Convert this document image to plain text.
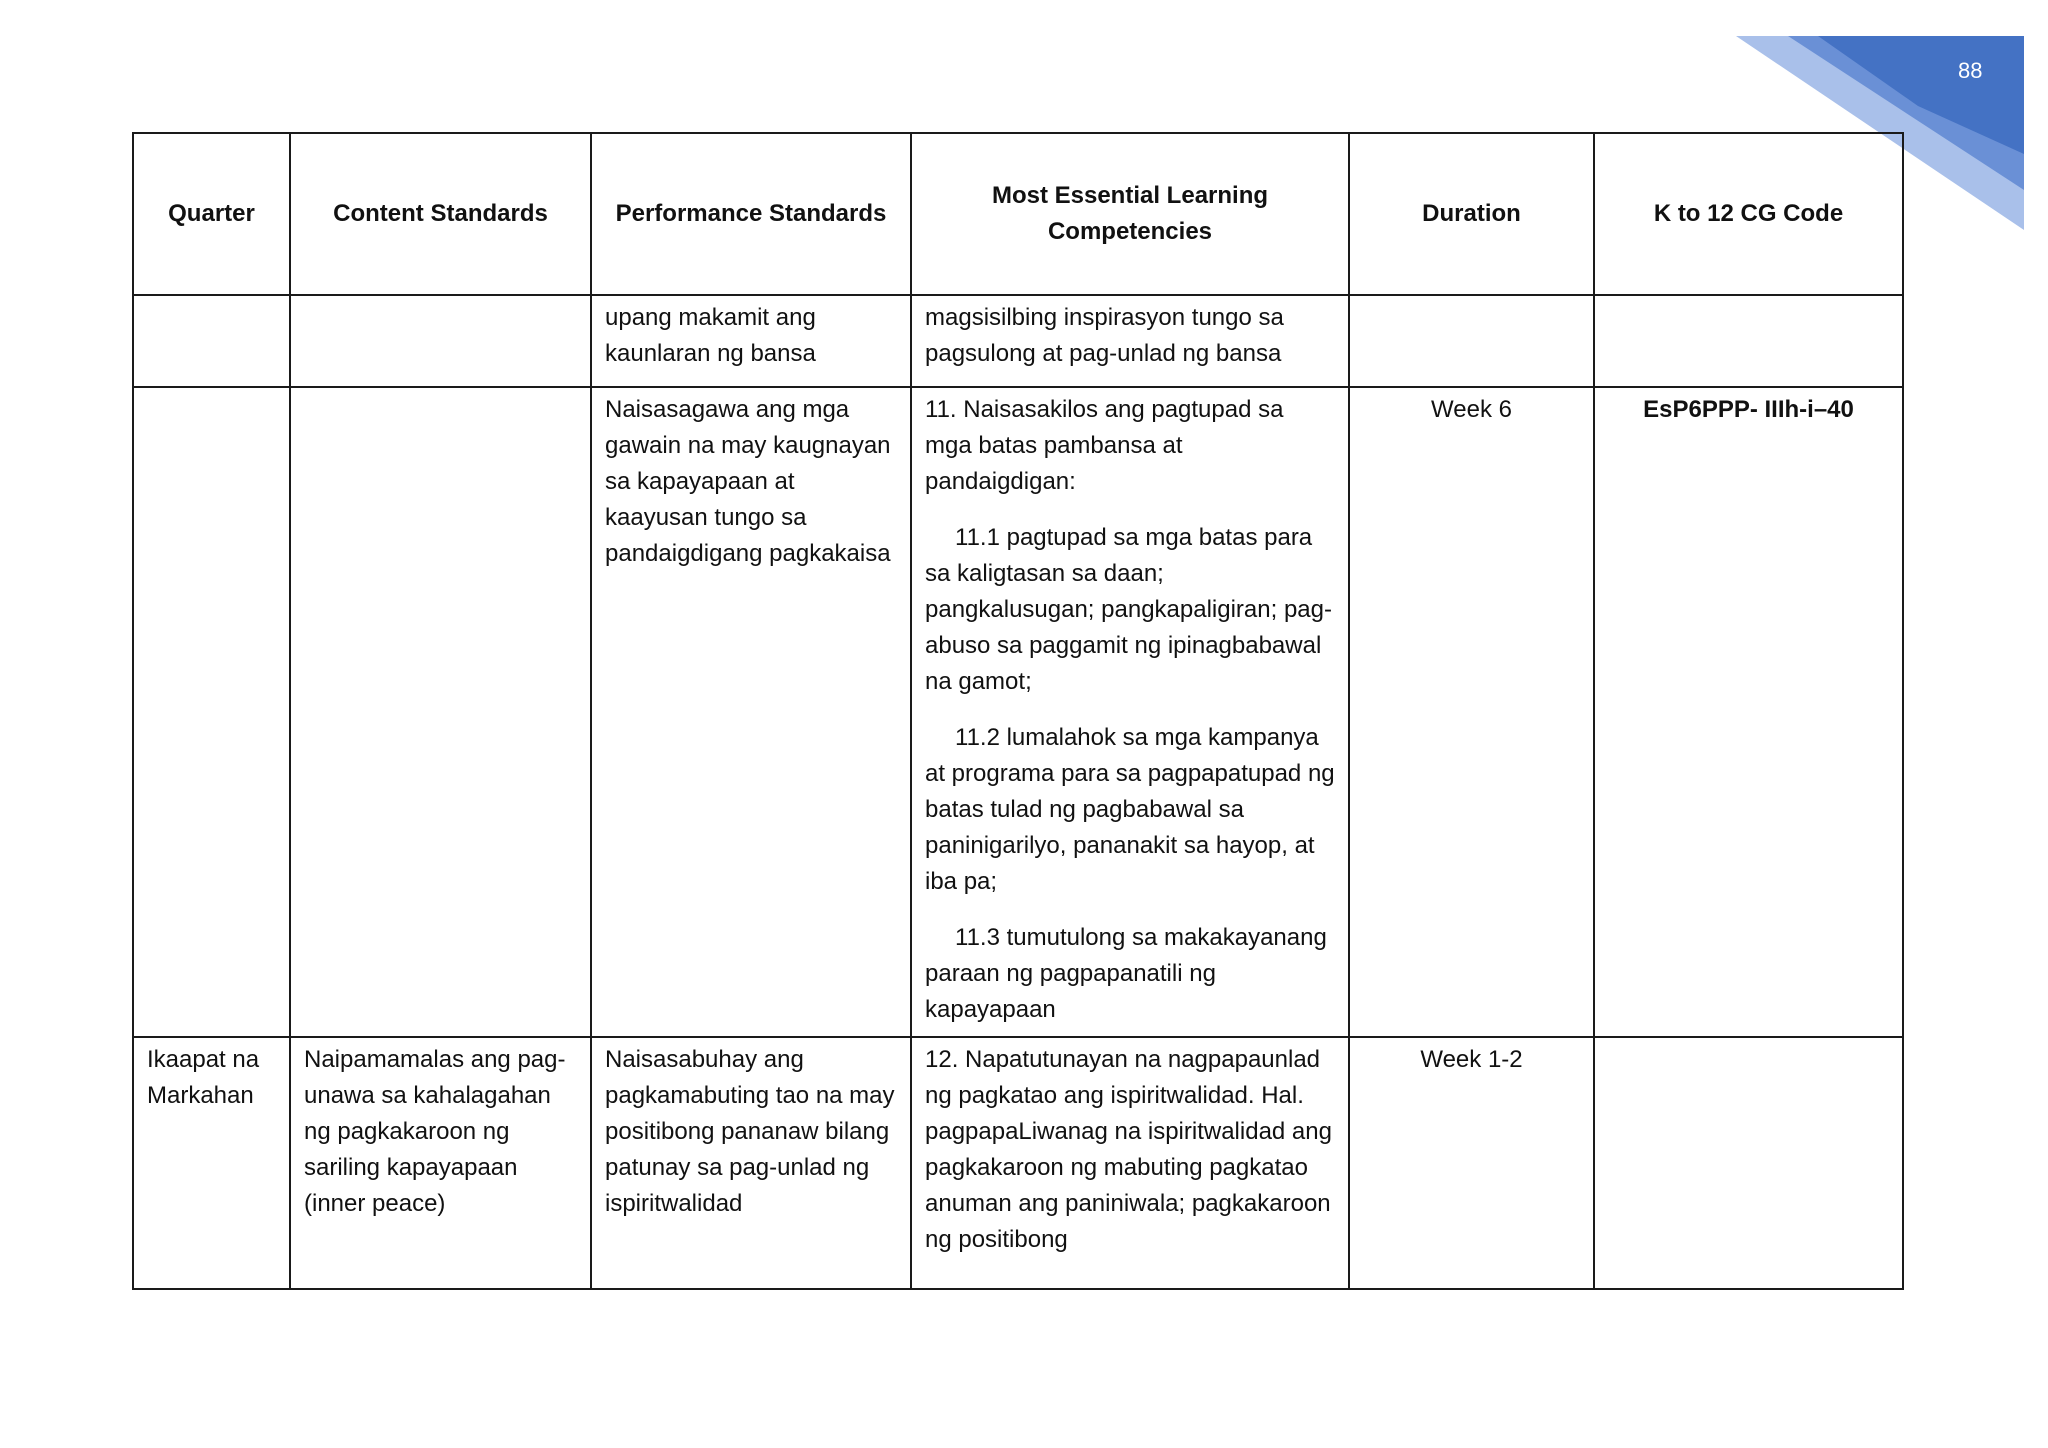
88
Quarter	Content Standards	Performance Standards	Most Essential Learning Competencies	Duration	K to 12 CG Code
		upang makamit ang kaunlaran ng bansa	magsisilbing inspirasyon tungo sa pagsulong at pag-unlad ng bansa		

		Naisasagawa ang mga gawain na may kaugnayan sa kapayapaan at kaayusan tungo sa pandaigdigang pagkakaisa	11. Naisasakilos ang pagtupad sa mga batas pambansa at pandaigdigan:

11.1 pagtupad sa mga batas para sa kaligtasan sa daan; pangkalusugan; pangkapaligiran; pag-abuso sa paggamit ng ipinagbabawal na gamot;

11.2 lumalahok sa mga kampanya at programa para sa pagpapatupad ng batas tulad ng pagbabawal sa paninigarilyo, pananakit sa hayop, at iba pa;

11.3 tumutulong sa makakayanang paraan ng pagpapanatili ng kapayapaan	Week 6	EsP6PPP- IIIh-i–40
Ikaapat na Markahan	Naipamamalas ang pag-unawa sa kahalagahan ng pagkakaroon ng sariling kapayapaan (inner peace)	Naisasabuhay ang pagkamabuting tao na may positibong pananaw bilang patunay sa pag-unlad ng ispiritwalidad	12. Napatutunayan na nagpapaunlad ng pagkatao ang ispiritwalidad. Hal. pagpapaLiwanag na ispiritwalidad ang pagkakaroon ng mabuting pagkatao anuman ang paniniwala; pagkakaroon ng positibong	Week 1-2	
